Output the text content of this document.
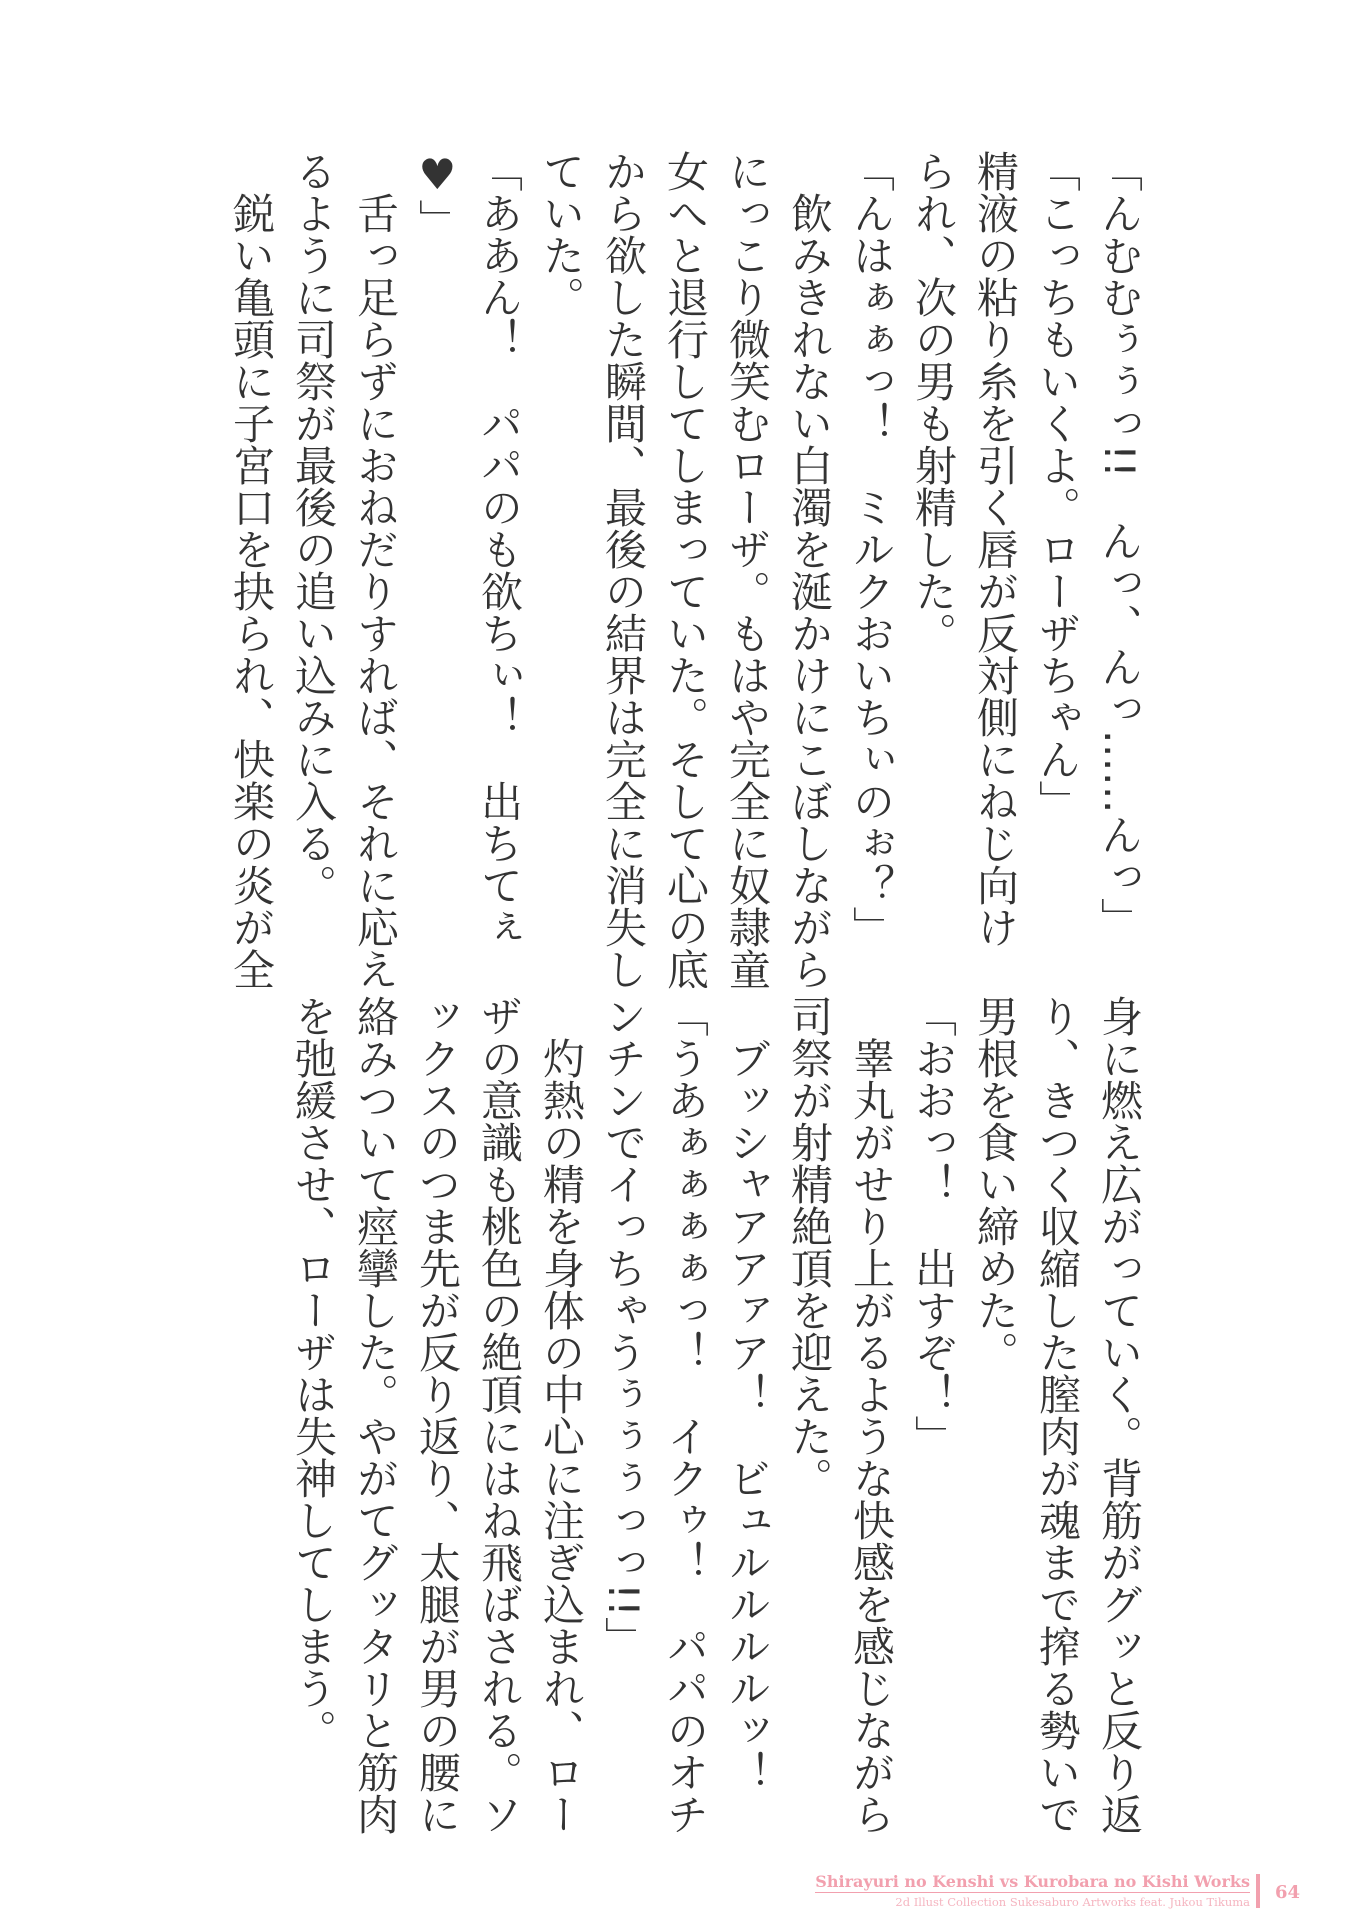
「んむむぅぅっ!!　んっ、んっ……んっ」
「こっちもいくよ。ローザちゃん」
精液の粘り糸を引く唇が反対側にねじ向け
られ、次の男も射精した。
「んはぁぁっ！　ミルクおいちぃのぉ？」
　飲みきれない白濁を涎かけにこぼしながら
にっこり微笑むローザ。もはや完全に奴隷童
女へと退行してしまっていた。そして心の底
から欲した瞬間、最後の結界は完全に消失し
ていた。
「ああん！　パパのも欲ちぃ！　出ちてぇ
♥」
　舌っ足らずにおねだりすれば、それに応え
るように司祭が最後の追い込みに入る。
　鋭い亀頭に子宮口を抉られ、快楽の炎が全
身に燃え広がっていく。背筋がグッと反り返
り、きつく収縮した膣肉が魂まで搾る勢いで
男根を食い締めた。
「おおっ！　出すぞ！」
　睾丸がせり上がるような快感を感じながら
司祭が射精絶頂を迎えた。
　ブッシャアアァア！　ビュルルルルッ！
「うあぁぁぁぁっ！　イクゥ！　パパのオチ
ンチンでイっちゃうぅぅぅっっ!!」
　灼熱の精を身体の中心に注ぎ込まれ、ロー
ザの意識も桃色の絶頂にはね飛ばされる。ソ
ックスのつま先が反り返り、太腿が男の腰に
絡みついて痙攣した。やがてグッタリと筋肉
を弛緩させ、ローザは失神してしまう。
Shirayuri no Kenshi vs Kurobara no Kishi Works
2d Illust Collection Sukesaburo Artworks feat. Jukou Tikuma 64
